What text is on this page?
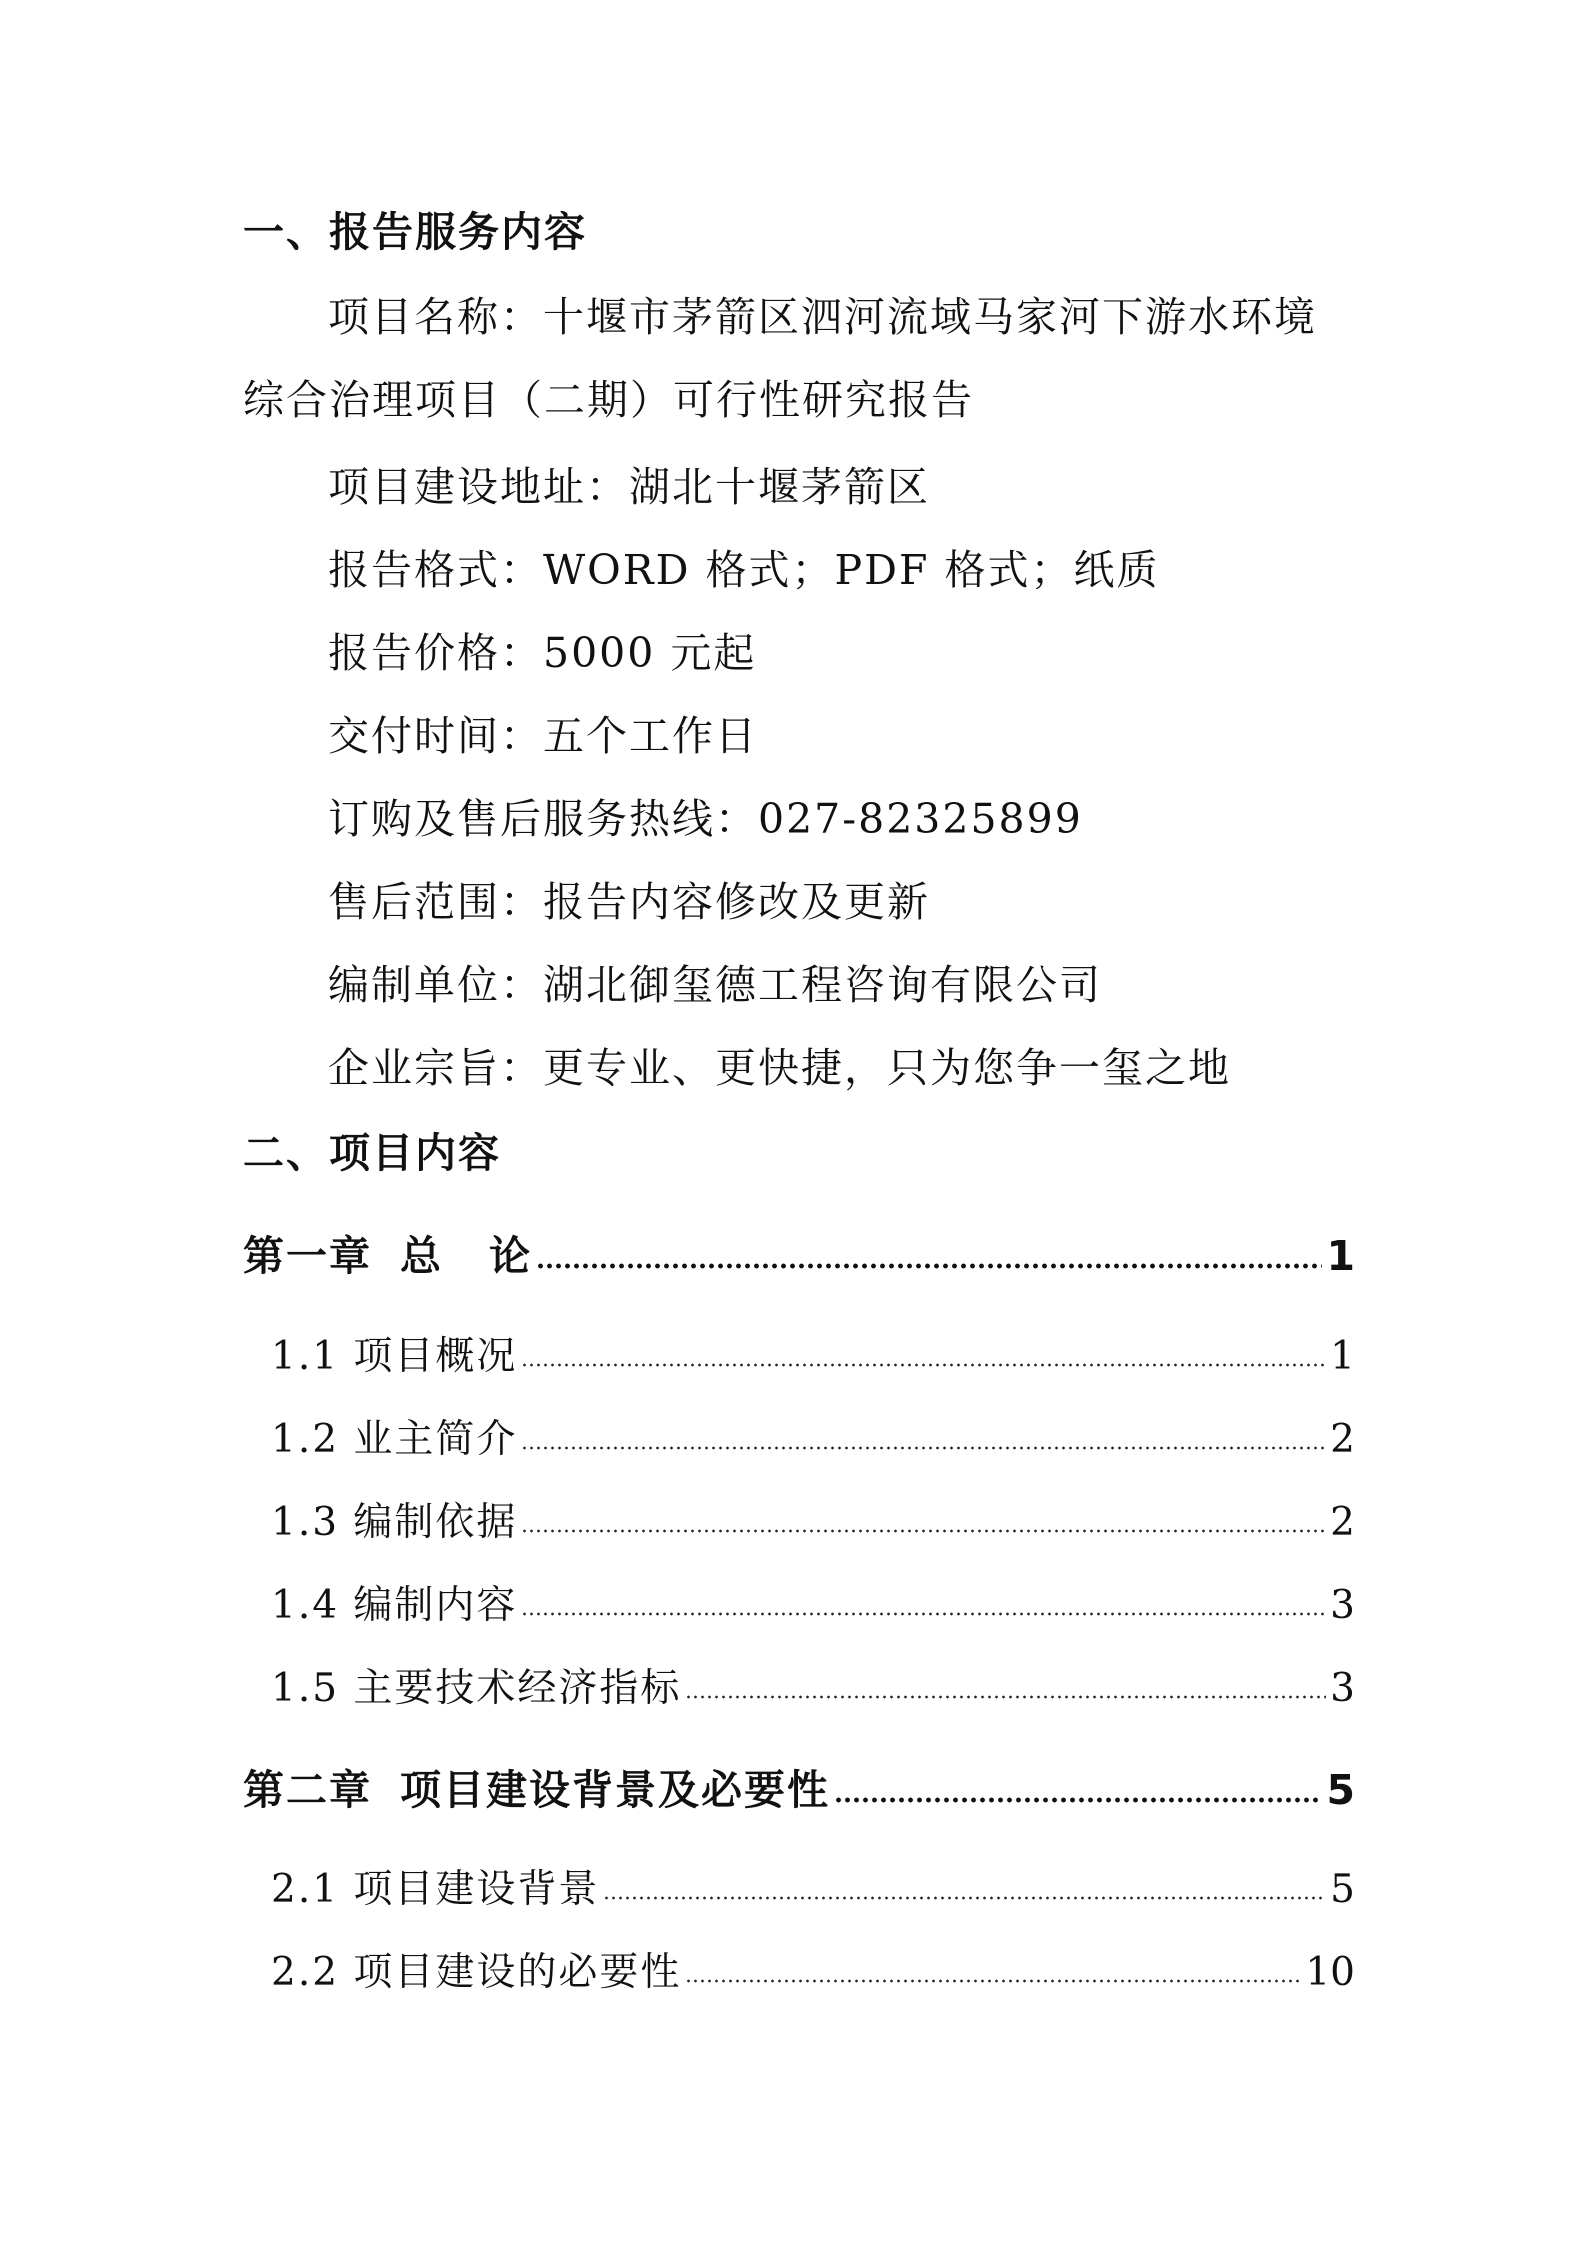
一、报告服务内容
项目名称：十堰市茅箭区泗河流域马家河下游水环境综合治理项目（二期）可行性研究报告
项目建设地址：湖北十堰茅箭区
报告格式：WORD 格式；PDF 格式；纸质
报告价格：5000 元起
交付时间：五个工作日
订购及售后服务热线：027-82325899
售后范围：报告内容修改及更新
编制单位：湖北御玺德工程咨询有限公司
企业宗旨：更专业、更快捷，只为您争一玺之地
二、项目内容
第一章 总 论	1
1.1 项目概况	1
1.2 业主简介	2
1.3 编制依据	2
1.4 编制内容	3
1.5 主要技术经济指标	3
第二章 项目建设背景及必要性	5
2.1 项目建设背景	5
2.2 项目建设的必要性	10
